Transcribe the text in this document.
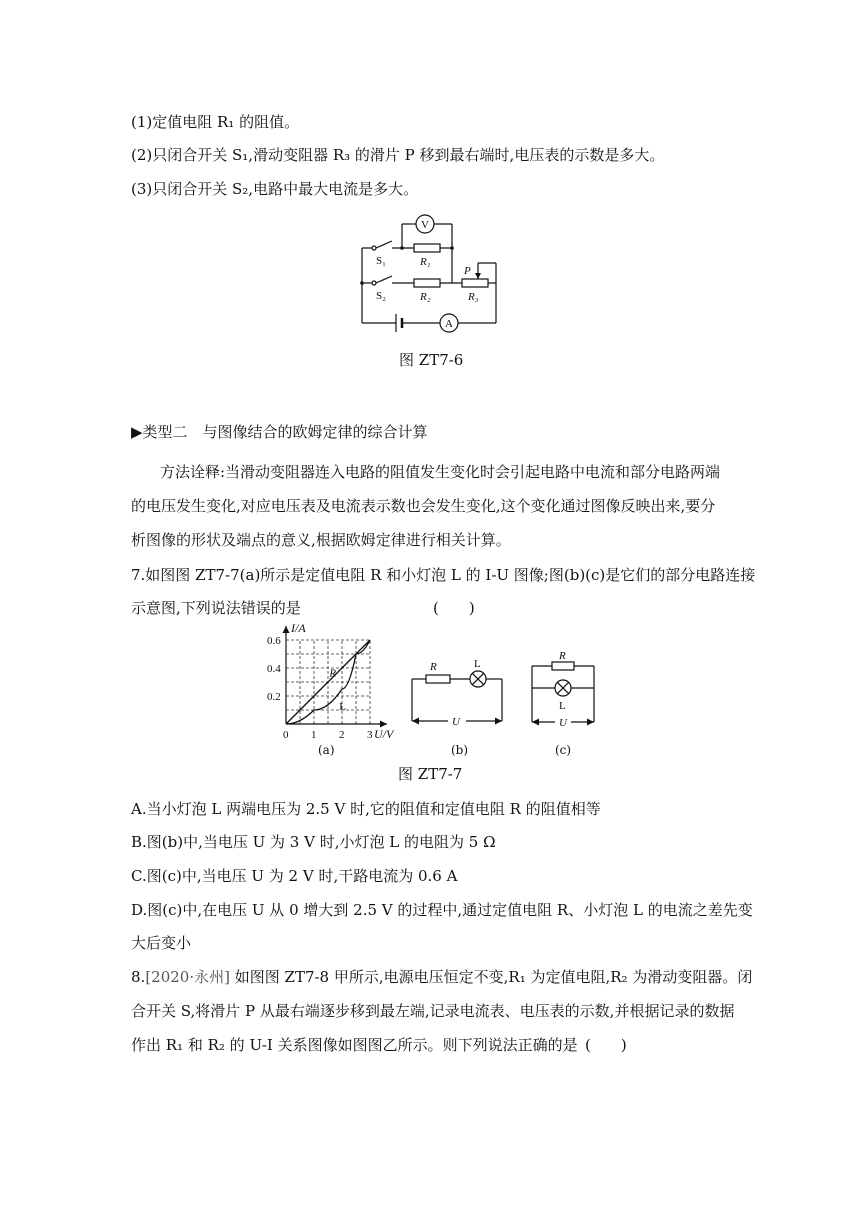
(1)定值电阻 R₁ 的阻值。
(2)只闭合开关 S₁,滑动变阻器 R₃ 的滑片 P 移到最右端时,电压表的示数是多大。
(3)只闭合开关 S₂,电路中最大电流是多大。
V
A
S₁
S₂
R₁
R₂	R₃
P
图 ZT7-6
▶类型二　与图像结合的欧姆定律的综合计算
方法诠释:当滑动变阻器连入电路的阻值发生变化时会引起电路中电流和部分电路两端
的电压发生变化,对应电压表及电流表示数也会发生变化,这个变化通过图像反映出来,要分
析图像的形状及端点的意义,根据欧姆定律进行相关计算。
7.如图图 ZT7-7(a)所示是定值电阻 R 和小灯泡 L 的 I-U 图像;图(b)(c)是它们的部分电路连接
示意图,下列说法错误的是	(　　)
R
L
0 1 2 3
0.2
0.4
0.6
I/A
U/V
(a)
R	L
U
(b)
R
L
U
(c)
图 ZT7-7
A.当小灯泡 L 两端电压为 2.5 V 时,它的阻值和定值电阻 R 的阻值相等
B.图(b)中,当电压 U 为 3 V 时,小灯泡 L 的电阻为 5 Ω
C.图(c)中,当电压 U 为 2 V 时,干路电流为 0.6 A
D.图(c)中,在电压 U 从 0 增大到 2.5 V 的过程中,通过定值电阻 R、小灯泡 L 的电流之差先变
大后变小
8.[2020·永州] 如图图 ZT7-8 甲所示,电源电压恒定不变,R₁ 为定值电阻,R₂ 为滑动变阻器。闭
合开关 S,将滑片 P 从最右端逐步移到最左端,记录电流表、电压表的示数,并根据记录的数据
作出 R₁ 和 R₂ 的 U-I 关系图像如图图乙所示。则下列说法正确的是 (　　)
